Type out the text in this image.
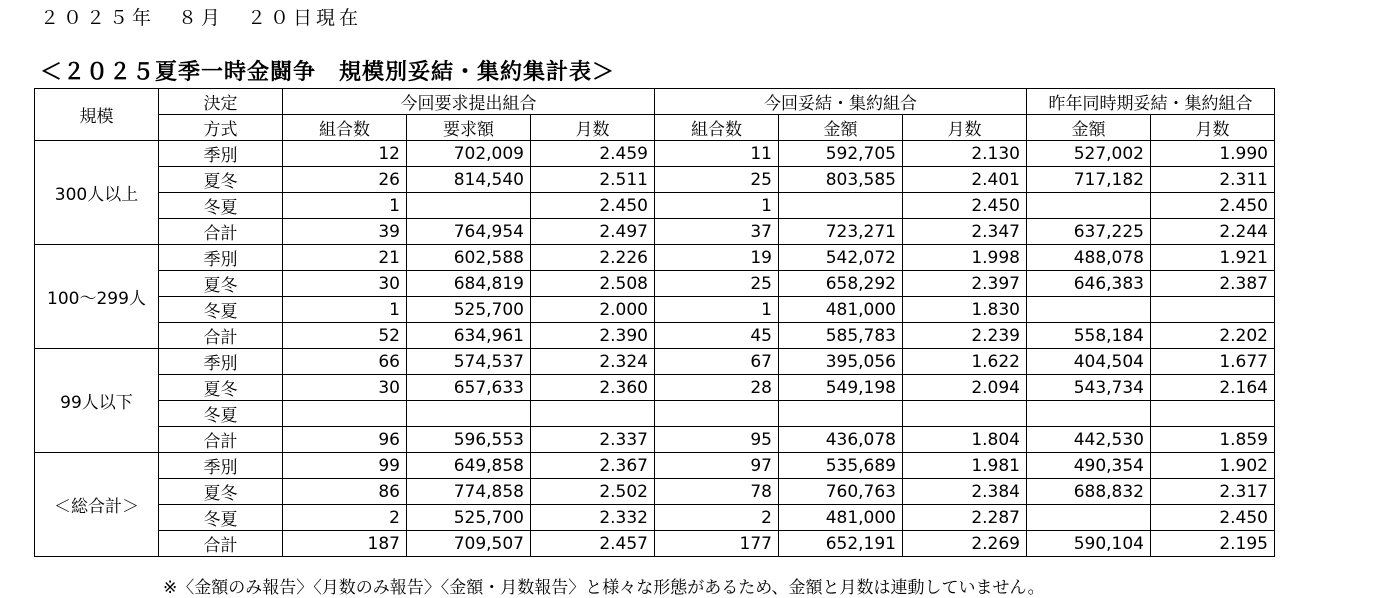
２０２５年　８月　２０日現在
＜２０２５夏季一時金闘争　規模別妥結・集約集計表＞
規模	決定	今回要求提出組合			今回妥結・集約組合			昨年同時期妥結・集約組合	
	方式	組合数	要求額	月数	組合数	金額	月数	金額	月数
300人以上	季別	12	702,009	2.459	11	592,705	2.130	527,002	1.990
	夏冬	26	814,540	2.511	25	803,585	2.401	717,182	2.311
	冬夏	1		2.450	1		2.450		2.450
	合計	39	764,954	2.497	37	723,271	2.347	637,225	2.244
100～299人	季別	21	602,588	2.226	19	542,072	1.998	488,078	1.921
	夏冬	30	684,819	2.508	25	658,292	2.397	646,383	2.387
	冬夏	1	525,700	2.000	1	481,000	1.830		
	合計	52	634,961	2.390	45	585,783	2.239	558,184	2.202
99人以下	季別	66	574,537	2.324	67	395,056	1.622	404,504	1.677
	夏冬	30	657,633	2.360	28	549,198	2.094	543,734	2.164
	冬夏								
	合計	96	596,553	2.337	95	436,078	1.804	442,530	1.859
＜総合計＞	季別	99	649,858	2.367	97	535,689	1.981	490,354	1.902
	夏冬	86	774,858	2.502	78	760,763	2.384	688,832	2.317
	冬夏	2	525,700	2.332	2	481,000	2.287		2.450
	合計	187	709,507	2.457	177	652,191	2.269	590,104	2.195
※〈金額のみ報告〉〈月数のみ報告〉〈金額・月数報告〉と様々な形態があるため、金額と月数は連動していません。
